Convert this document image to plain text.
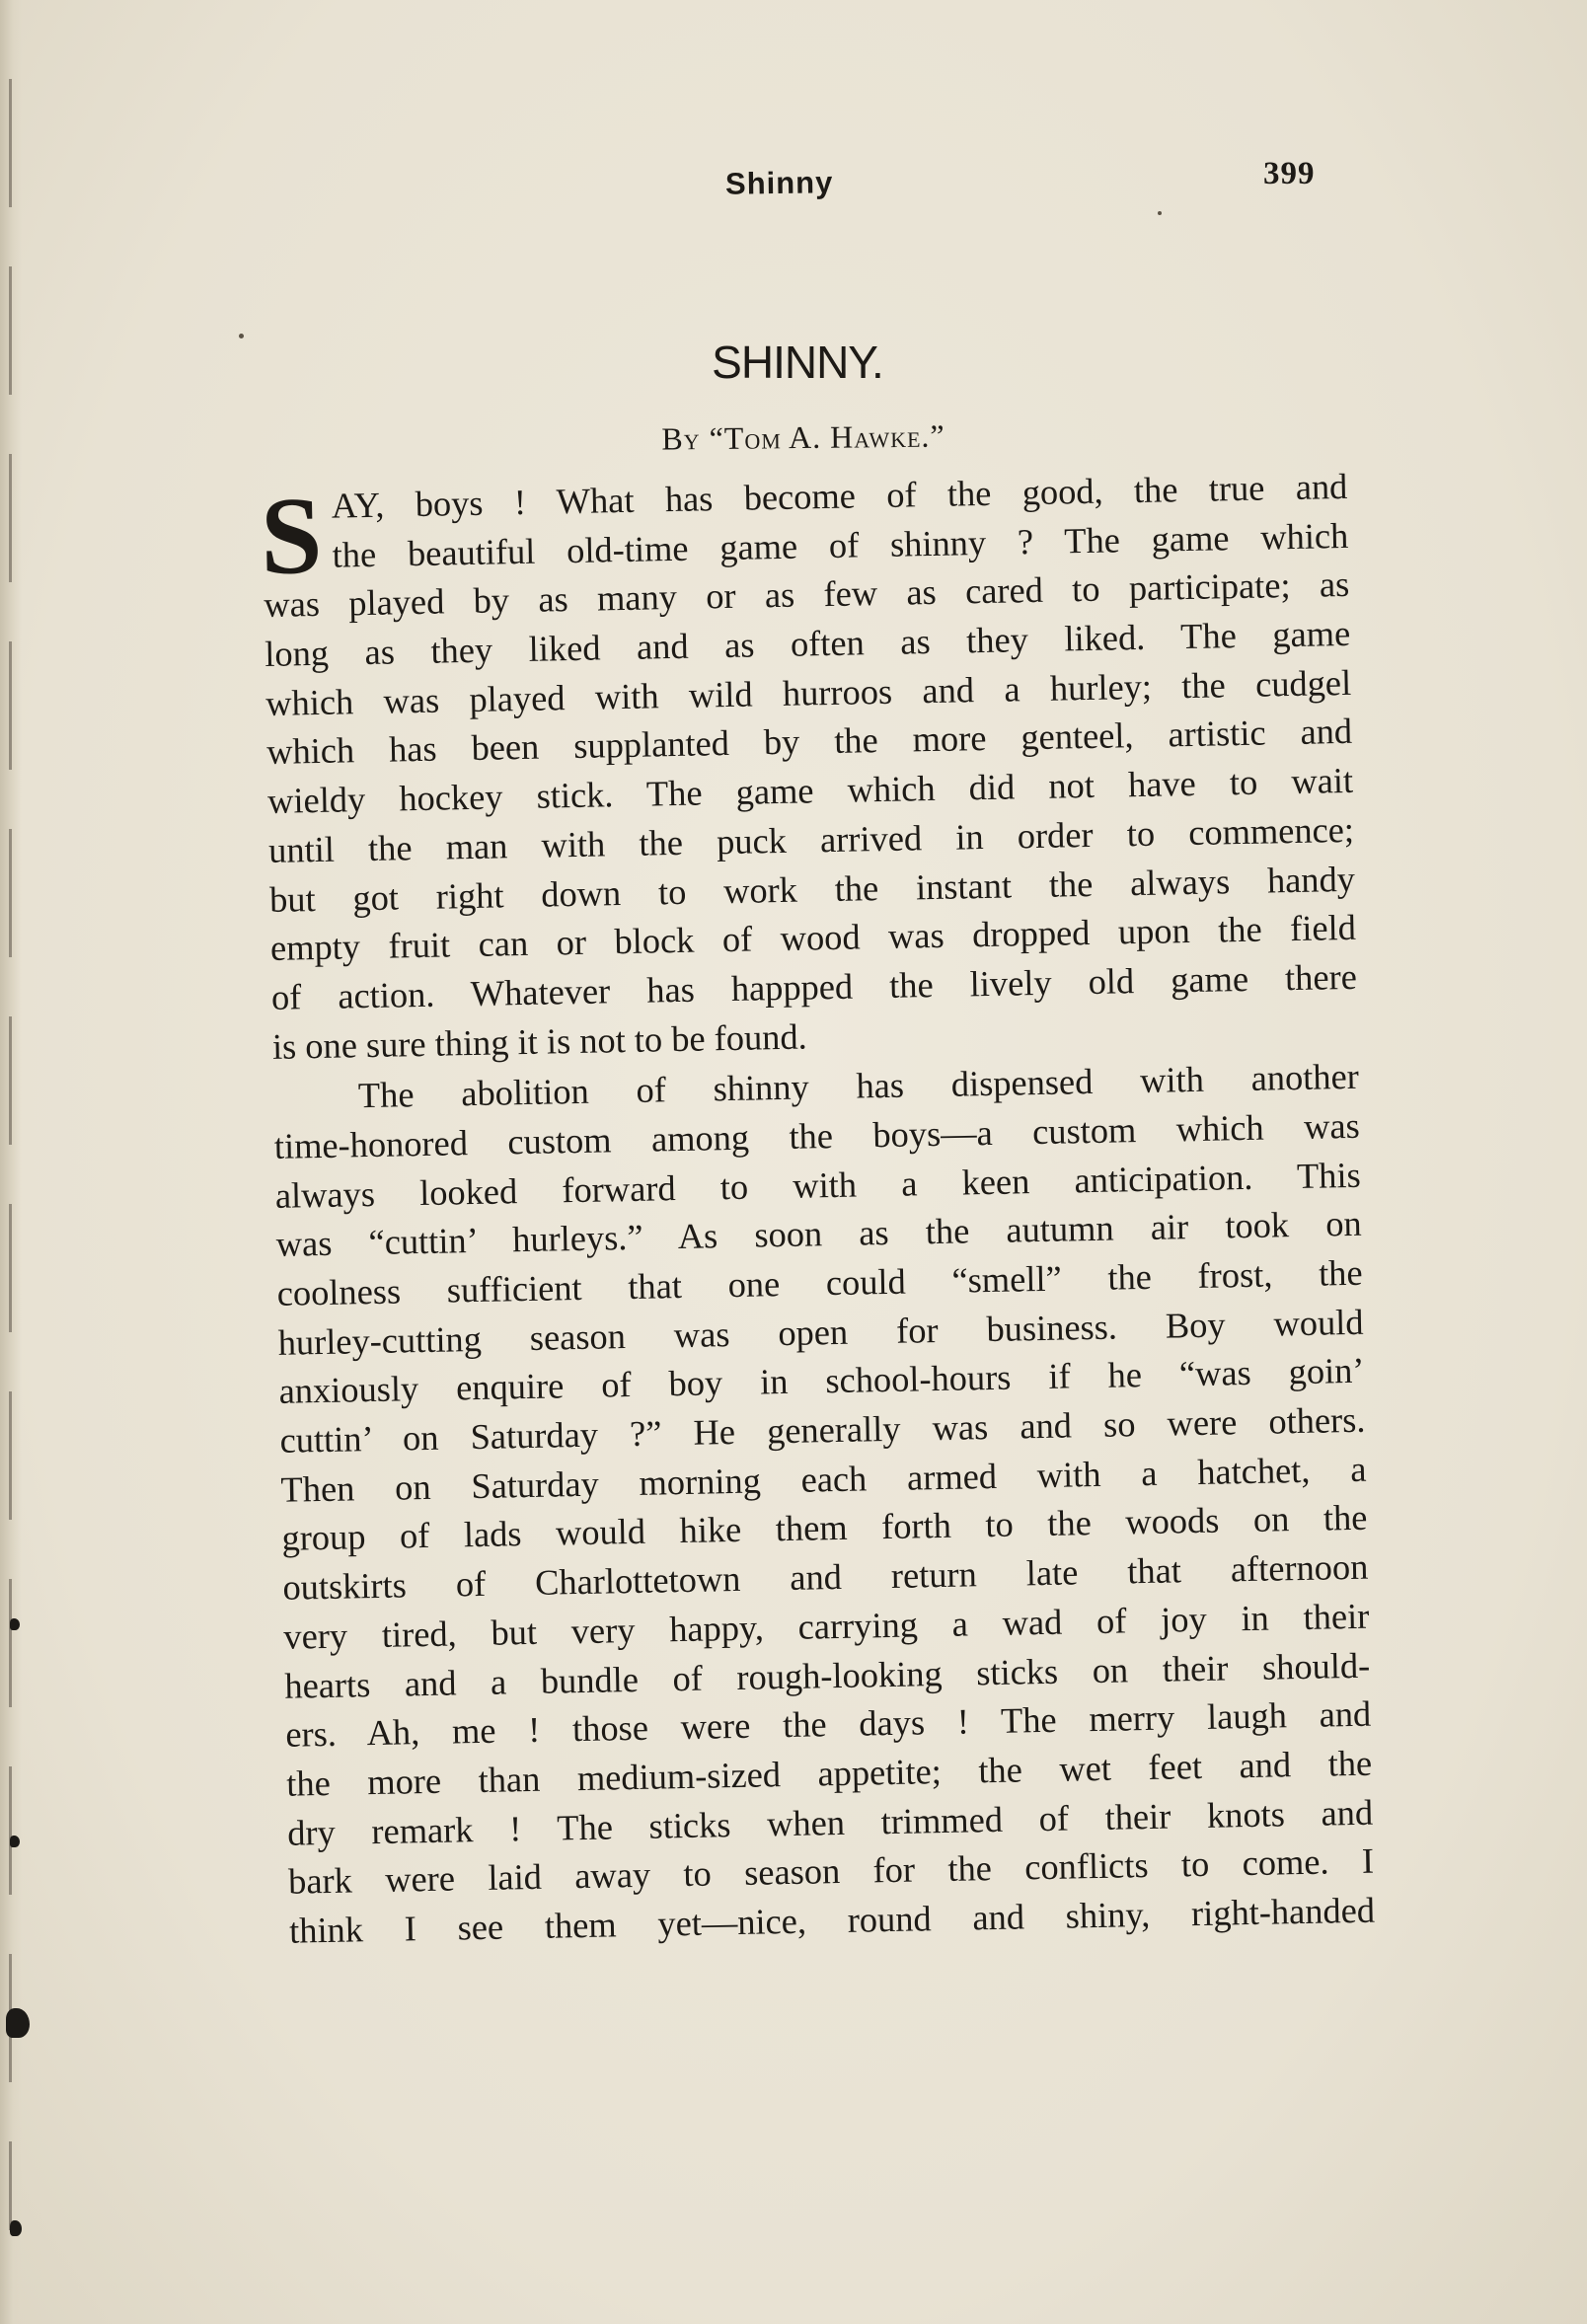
Shinny	399
SHINNY.
By “Tom A. Hawke.”
S AY, boys ! What has become of the good, the true and
the beautiful old-time game of shinny ? The game which
was played by as many or as few as cared to participate; as
long as they liked and as often as they liked. The game
which was played with wild hurroos and a hurley; the cudgel
which has been supplanted by the more genteel, artistic and
wieldy hockey stick. The game which did not have to wait
until the man with the puck arrived in order to commence;
but got right down to work the instant the always handy
empty fruit can or block of wood was dropped upon the field
of action. Whatever has happped the lively old game there
is one sure thing it is not to be found.
The abolition of shinny has dispensed with another
time-honored custom among the boys—a custom which was
always looked forward to with a keen anticipation. This
was “cuttin’ hurleys.” As soon as the autumn air took on
coolness sufficient that one could “smell” the frost, the
hurley-cutting season was open for business. Boy would
anxiously enquire of boy in school-hours if he “was goin’
cuttin’ on Saturday ?” He generally was and so were others.
Then on Saturday morning each armed with a hatchet, a
group of lads would hike them forth to the woods on the
outskirts of Charlottetown and return late that afternoon
very tired, but very happy, carrying a wad of joy in their
hearts and a bundle of rough-looking sticks on their should-
ers. Ah, me ! those were the days ! The merry laugh and
the more than medium-sized appetite; the wet feet and the
dry remark ! The sticks when trimmed of their knots and
bark were laid away to season for the conflicts to come. I
think I see them yet—nice, round and shiny, right-handed
